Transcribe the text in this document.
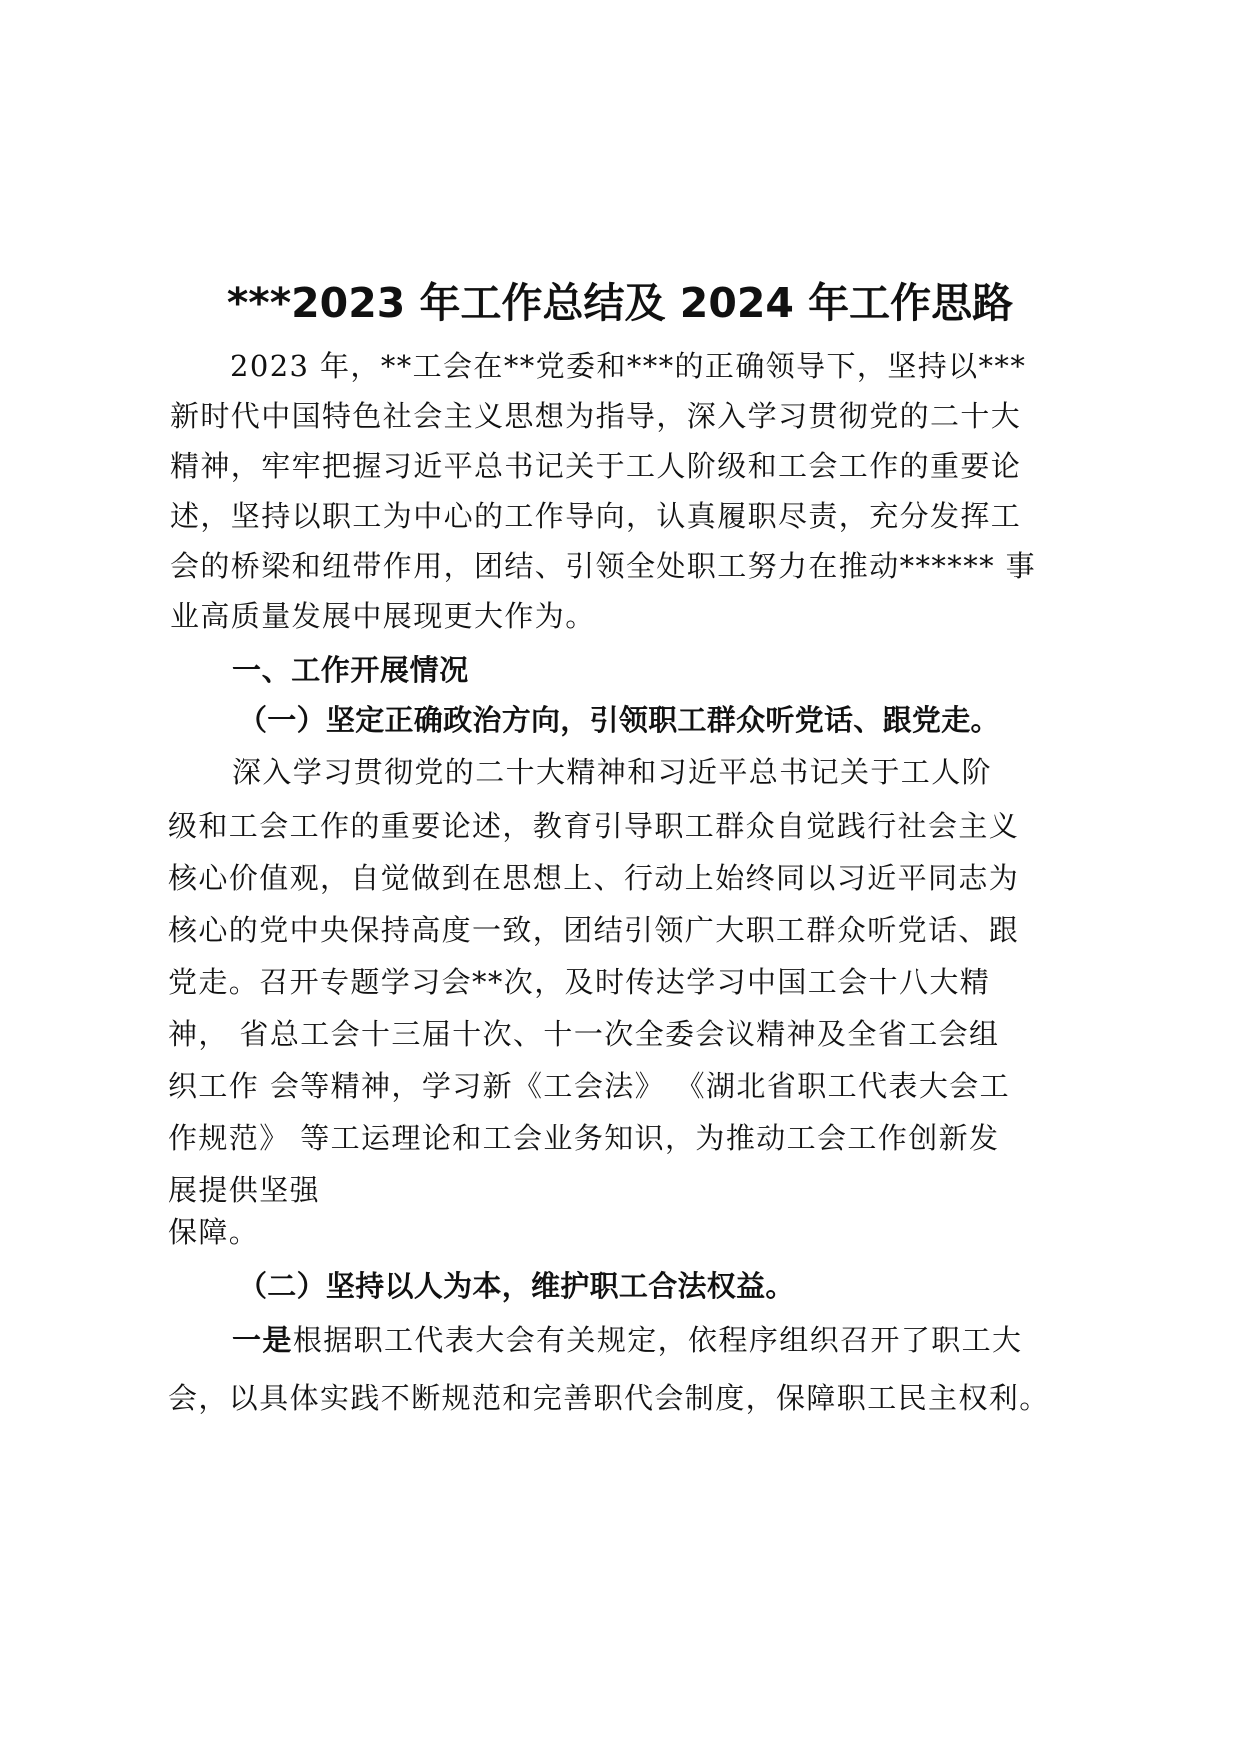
***2023 年工作总结及 2024 年工作思路
2023 年，**工会在**党委和***的正确领导下，坚持以***
新时代中国特色社会主义思想为指导，深入学习贯彻党的二十大
精神，牢牢把握习近平总书记关于工人阶级和工会工作的重要论
述，坚持以职工为中心的工作导向，认真履职尽责，充分发挥工
会的桥梁和纽带作用，团结、引领全处职工努力在推动****** 事
业高质量发展中展现更大作为。
一、工作开展情况
（一）坚定正确政治方向，引领职工群众听党话、跟党走。
深入学习贯彻党的二十大精神和习近平总书记关于工人阶
级和工会工作的重要论述，教育引导职工群众自觉践行社会主义
核心价值观，自觉做到在思想上、行动上始终同以习近平同志为
核心的党中央保持高度一致，团结引领广大职工群众听党话、跟
党走。召开专题学习会**次，及时传达学习中国工会十八大精
神， 省总工会十三届十次、十一次全委会议精神及全省工会组
织工作 会等精神，学习新《工会法》 《湖北省职工代表大会工
作规范》 等工运理论和工会业务知识，为推动工会工作创新发
展提供坚强
保障。
（二）坚持以人为本，维护职工合法权益。
一是根据职工代表大会有关规定，依程序组织召开了职工大
会，以具体实践不断规范和完善职代会制度，保障职工民主权利。
